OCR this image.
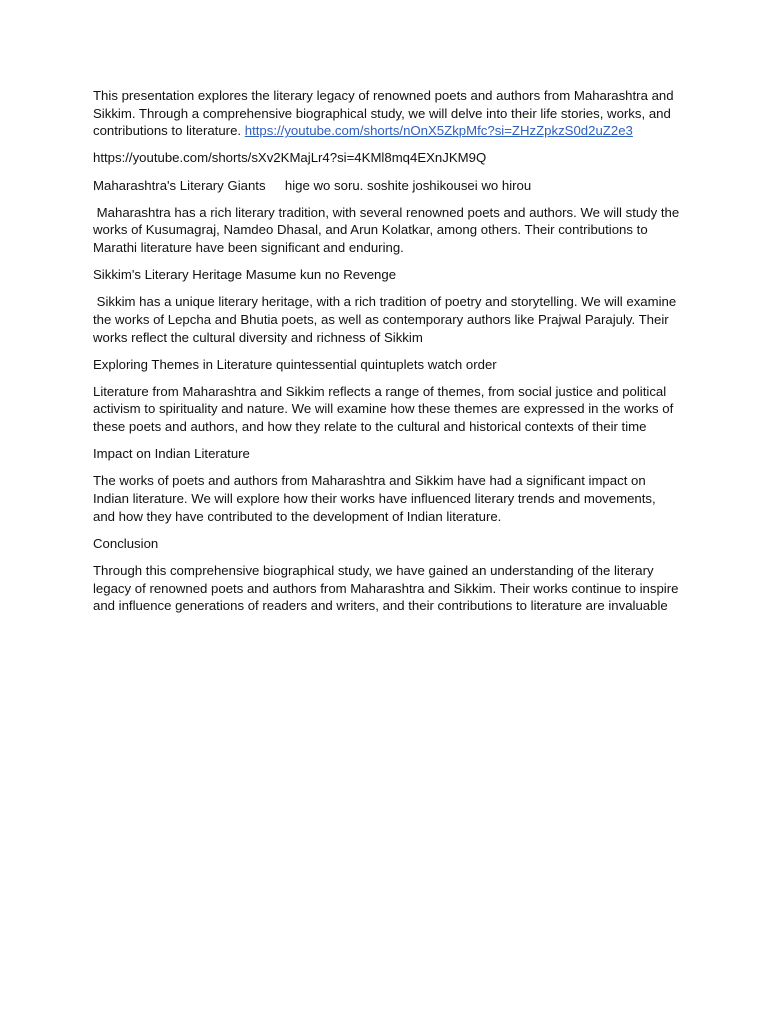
This presentation explores the literary legacy of renowned poets and authors from Maharashtra and Sikkim. Through a comprehensive biographical study, we will delve into their life stories, works, and contributions to literature. https://youtube.com/shorts/nOnX5ZkpMfc?si=ZHzZpkzS0d2uZ2e3

https://youtube.com/shorts/sXv2KMajLr4?si=4KMl8mq4EXnJKM9Q

Maharashtra's Literary Giants hige wo soru. soshite joshikousei wo hirou

Maharashtra has a rich literary tradition, with several renowned poets and authors. We will study the works of Kusumagraj, Namdeo Dhasal, and Arun Kolatkar, among others. Their contributions to Marathi literature have been significant and enduring.

Sikkim's Literary Heritage Masume kun no Revenge

Sikkim has a unique literary heritage, with a rich tradition of poetry and storytelling. We will examine the works of Lepcha and Bhutia poets, as well as contemporary authors like Prajwal Parajuly. Their works reflect the cultural diversity and richness of Sikkim

Exploring Themes in Literature quintessential quintuplets watch order

Literature from Maharashtra and Sikkim reflects a range of themes, from social justice and political activism to spirituality and nature. We will examine how these themes are expressed in the works of these poets and authors, and how they relate to the cultural and historical contexts of their time

Impact on Indian Literature

The works of poets and authors from Maharashtra and Sikkim have had a significant impact on Indian literature. We will explore how their works have influenced literary trends and movements, and how they have contributed to the development of Indian literature.

Conclusion

Through this comprehensive biographical study, we have gained an understanding of the literary legacy of renowned poets and authors from Maharashtra and Sikkim. Their works continue to inspire and influence generations of readers and writers, and their contributions to literature are invaluable
